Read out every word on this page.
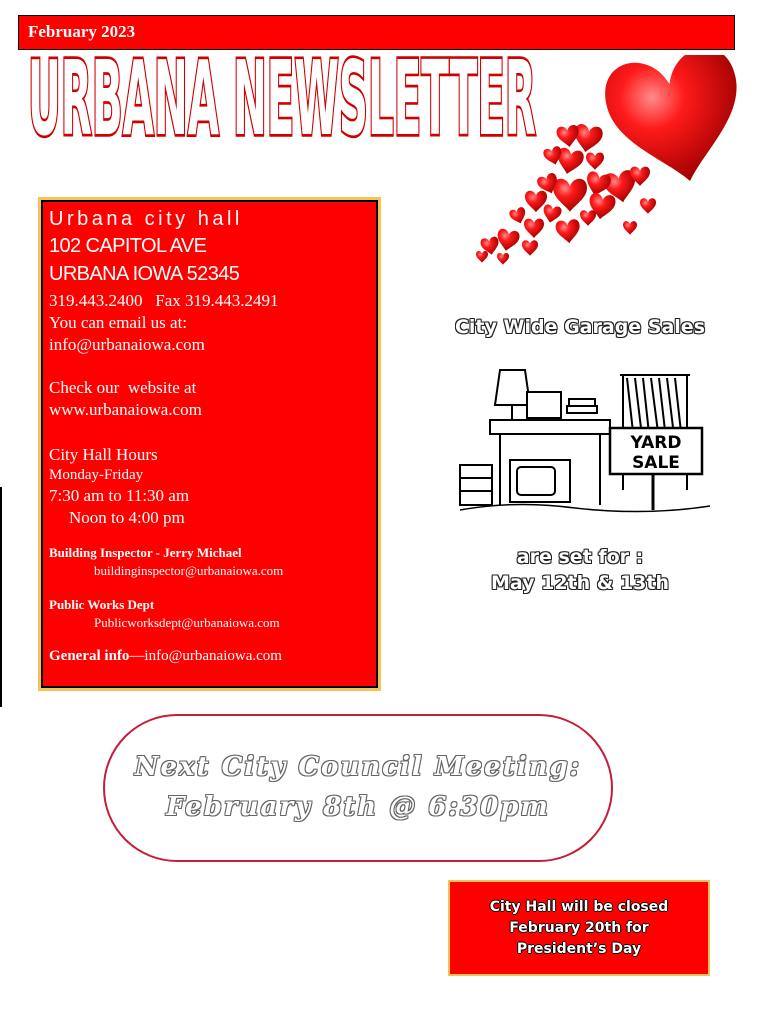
February 2023
URBANA NEWSLETTER
Urbana city hall
102 CAPITOL AVE
URBANA IOWA 52345
319.443.2400   Fax 319.443.2491
You can email us at:
info@urbanaiowa.com
Check our  website at
www.urbanaiowa.com
City Hall Hours
Monday-Friday
7:30 am to 11:30 am
Noon to 4:00 pm
Building Inspector - Jerry Michael
buildinginspector@urbanaiowa.com
Public Works Dept
Publicworksdept@urbanaiowa.com
General info—info@urbanaiowa.com
City Wide Garage Sales
YARD
SALE
are set for :
May 12th & 13th
Next City Council Meeting:
February 8th @ 6:30pm
City Hall will be closed
February 20th for
President’s Day
